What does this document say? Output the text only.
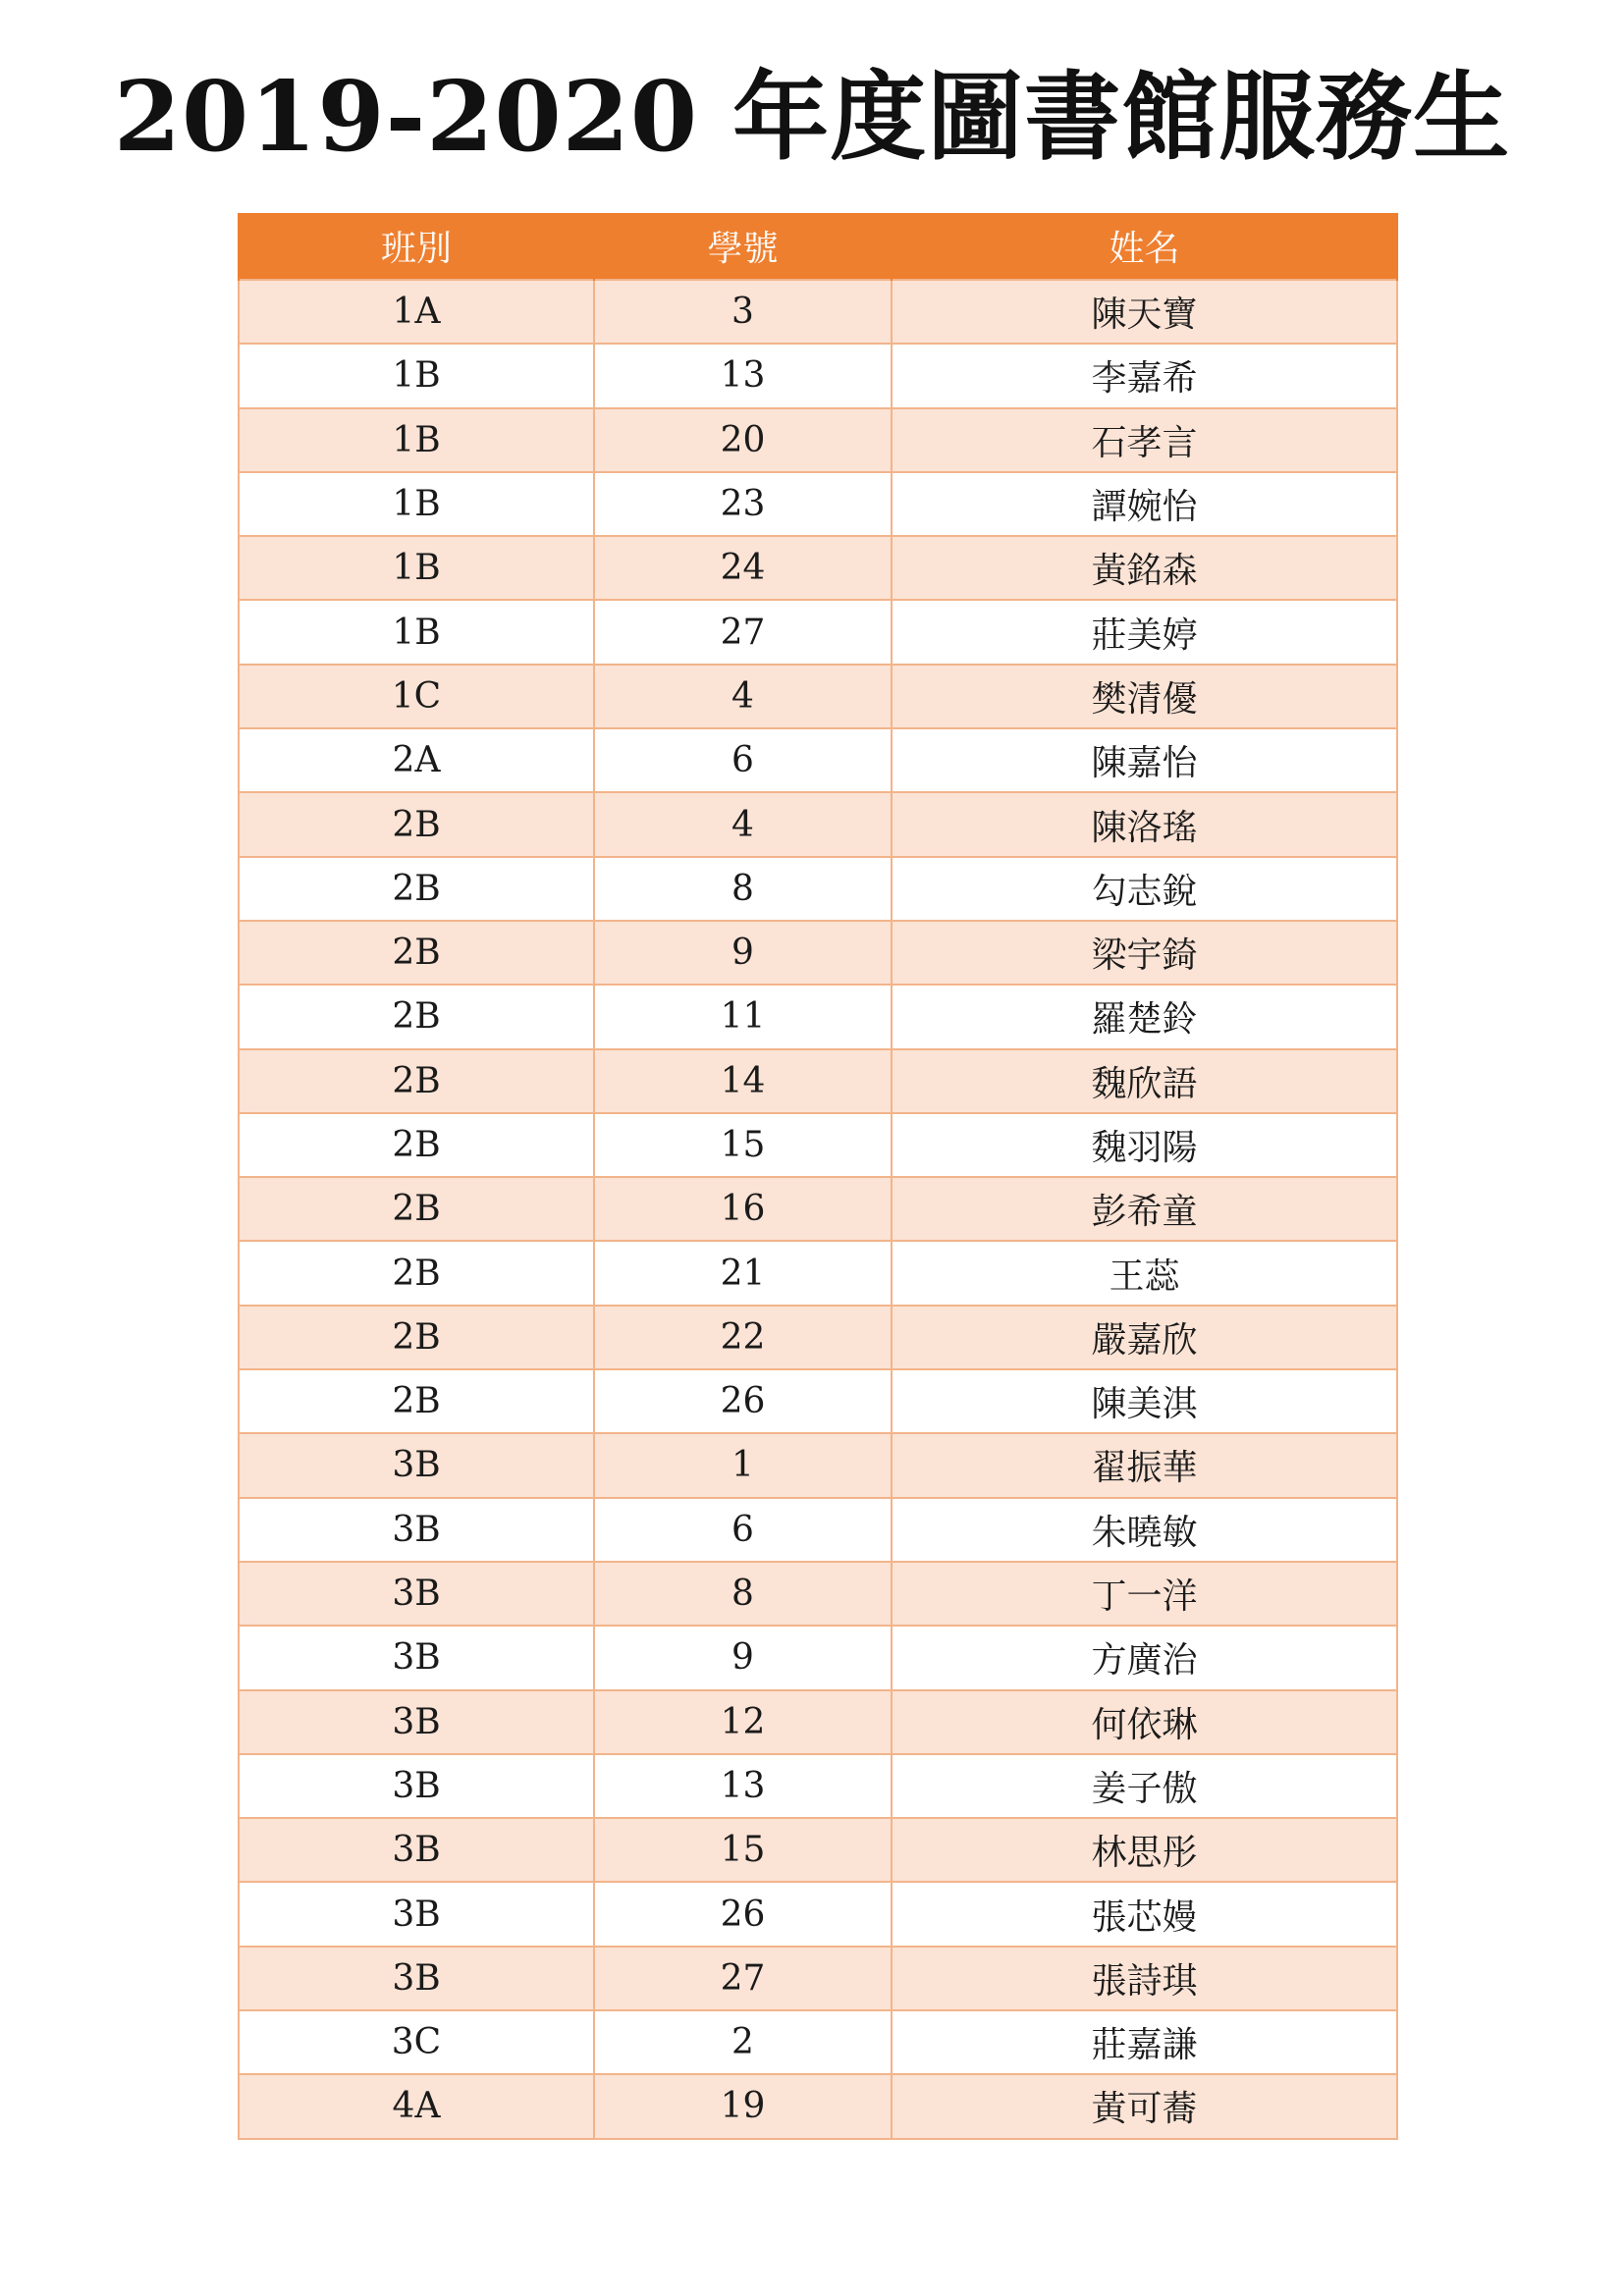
2019-2020 年度圖書館服務生
班別	學號	姓名
1A	3	陳天寶
1B	13	李嘉希
1B	20	石孝言
1B	23	譚婉怡
1B	24	黃銘森
1B	27	莊美婷
1C	4	樊清優
2A	6	陳嘉怡
2B	4	陳洛瑤
2B	8	勾志銳
2B	9	梁宇錡
2B	11	羅楚鈴
2B	14	魏欣語
2B	15	魏羽陽
2B	16	彭希童
2B	21	王蕊
2B	22	嚴嘉欣
2B	26	陳美淇
3B	1	翟振華
3B	6	朱曉敏
3B	8	丁一洋
3B	9	方廣治
3B	12	何依琳
3B	13	姜子傲
3B	15	林思彤
3B	26	張芯嫚
3B	27	張詩琪
3C	2	莊嘉謙
4A	19	黃可蕎
